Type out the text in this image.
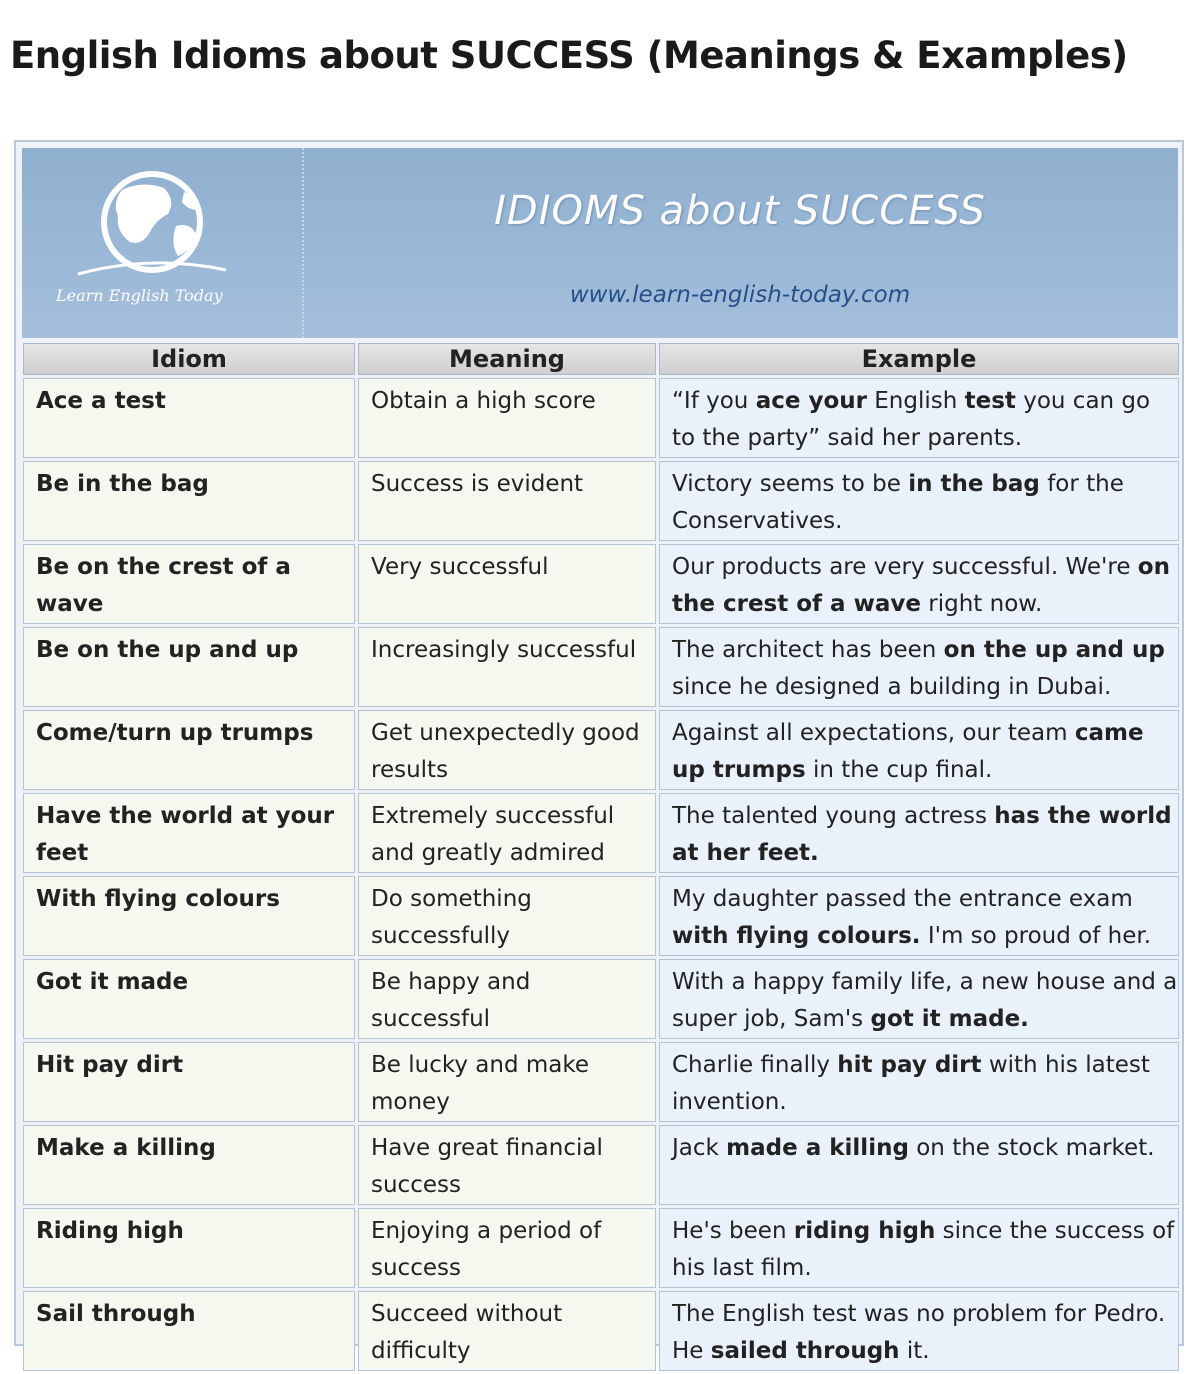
English Idioms about SUCCESS (Meanings & Examples)
Learn English Today
IDIOMS about SUCCESS
www.learn-english-today.com
Idiom	Meaning	Example
Ace a test	Obtain a high score	“If you ace your English test you can go to the party” said her parents.
Be in the bag	Success is evident	Victory seems to be in the bag for the Conservatives.
Be on the crest of a wave	Very successful	Our products are very successful. We're on the crest of a wave right now.
Be on the up and up	Increasingly successful	The architect has been on the up and up since he designed a building in Dubai.
Come/turn up trumps	Get unexpectedly good results	Against all expectations, our team came up trumps in the cup final.
Have the world at your feet	Extremely successful and greatly admired	The talented young actress has the world at her feet.
With flying colours	Do something successfully	My daughter passed the entrance exam with flying colours. I'm so proud of her.
Got it made	Be happy and successful	With a happy family life, a new house and a super job, Sam's got it made.
Hit pay dirt	Be lucky and make money	Charlie finally hit pay dirt with his latest invention.
Make a killing	Have great financial success	Jack made a killing on the stock market.
Riding high	Enjoying a period of success	He's been riding high since the success of his last film.
Sail through	Succeed without difficulty	The English test was no problem for Pedro. He sailed through it.
